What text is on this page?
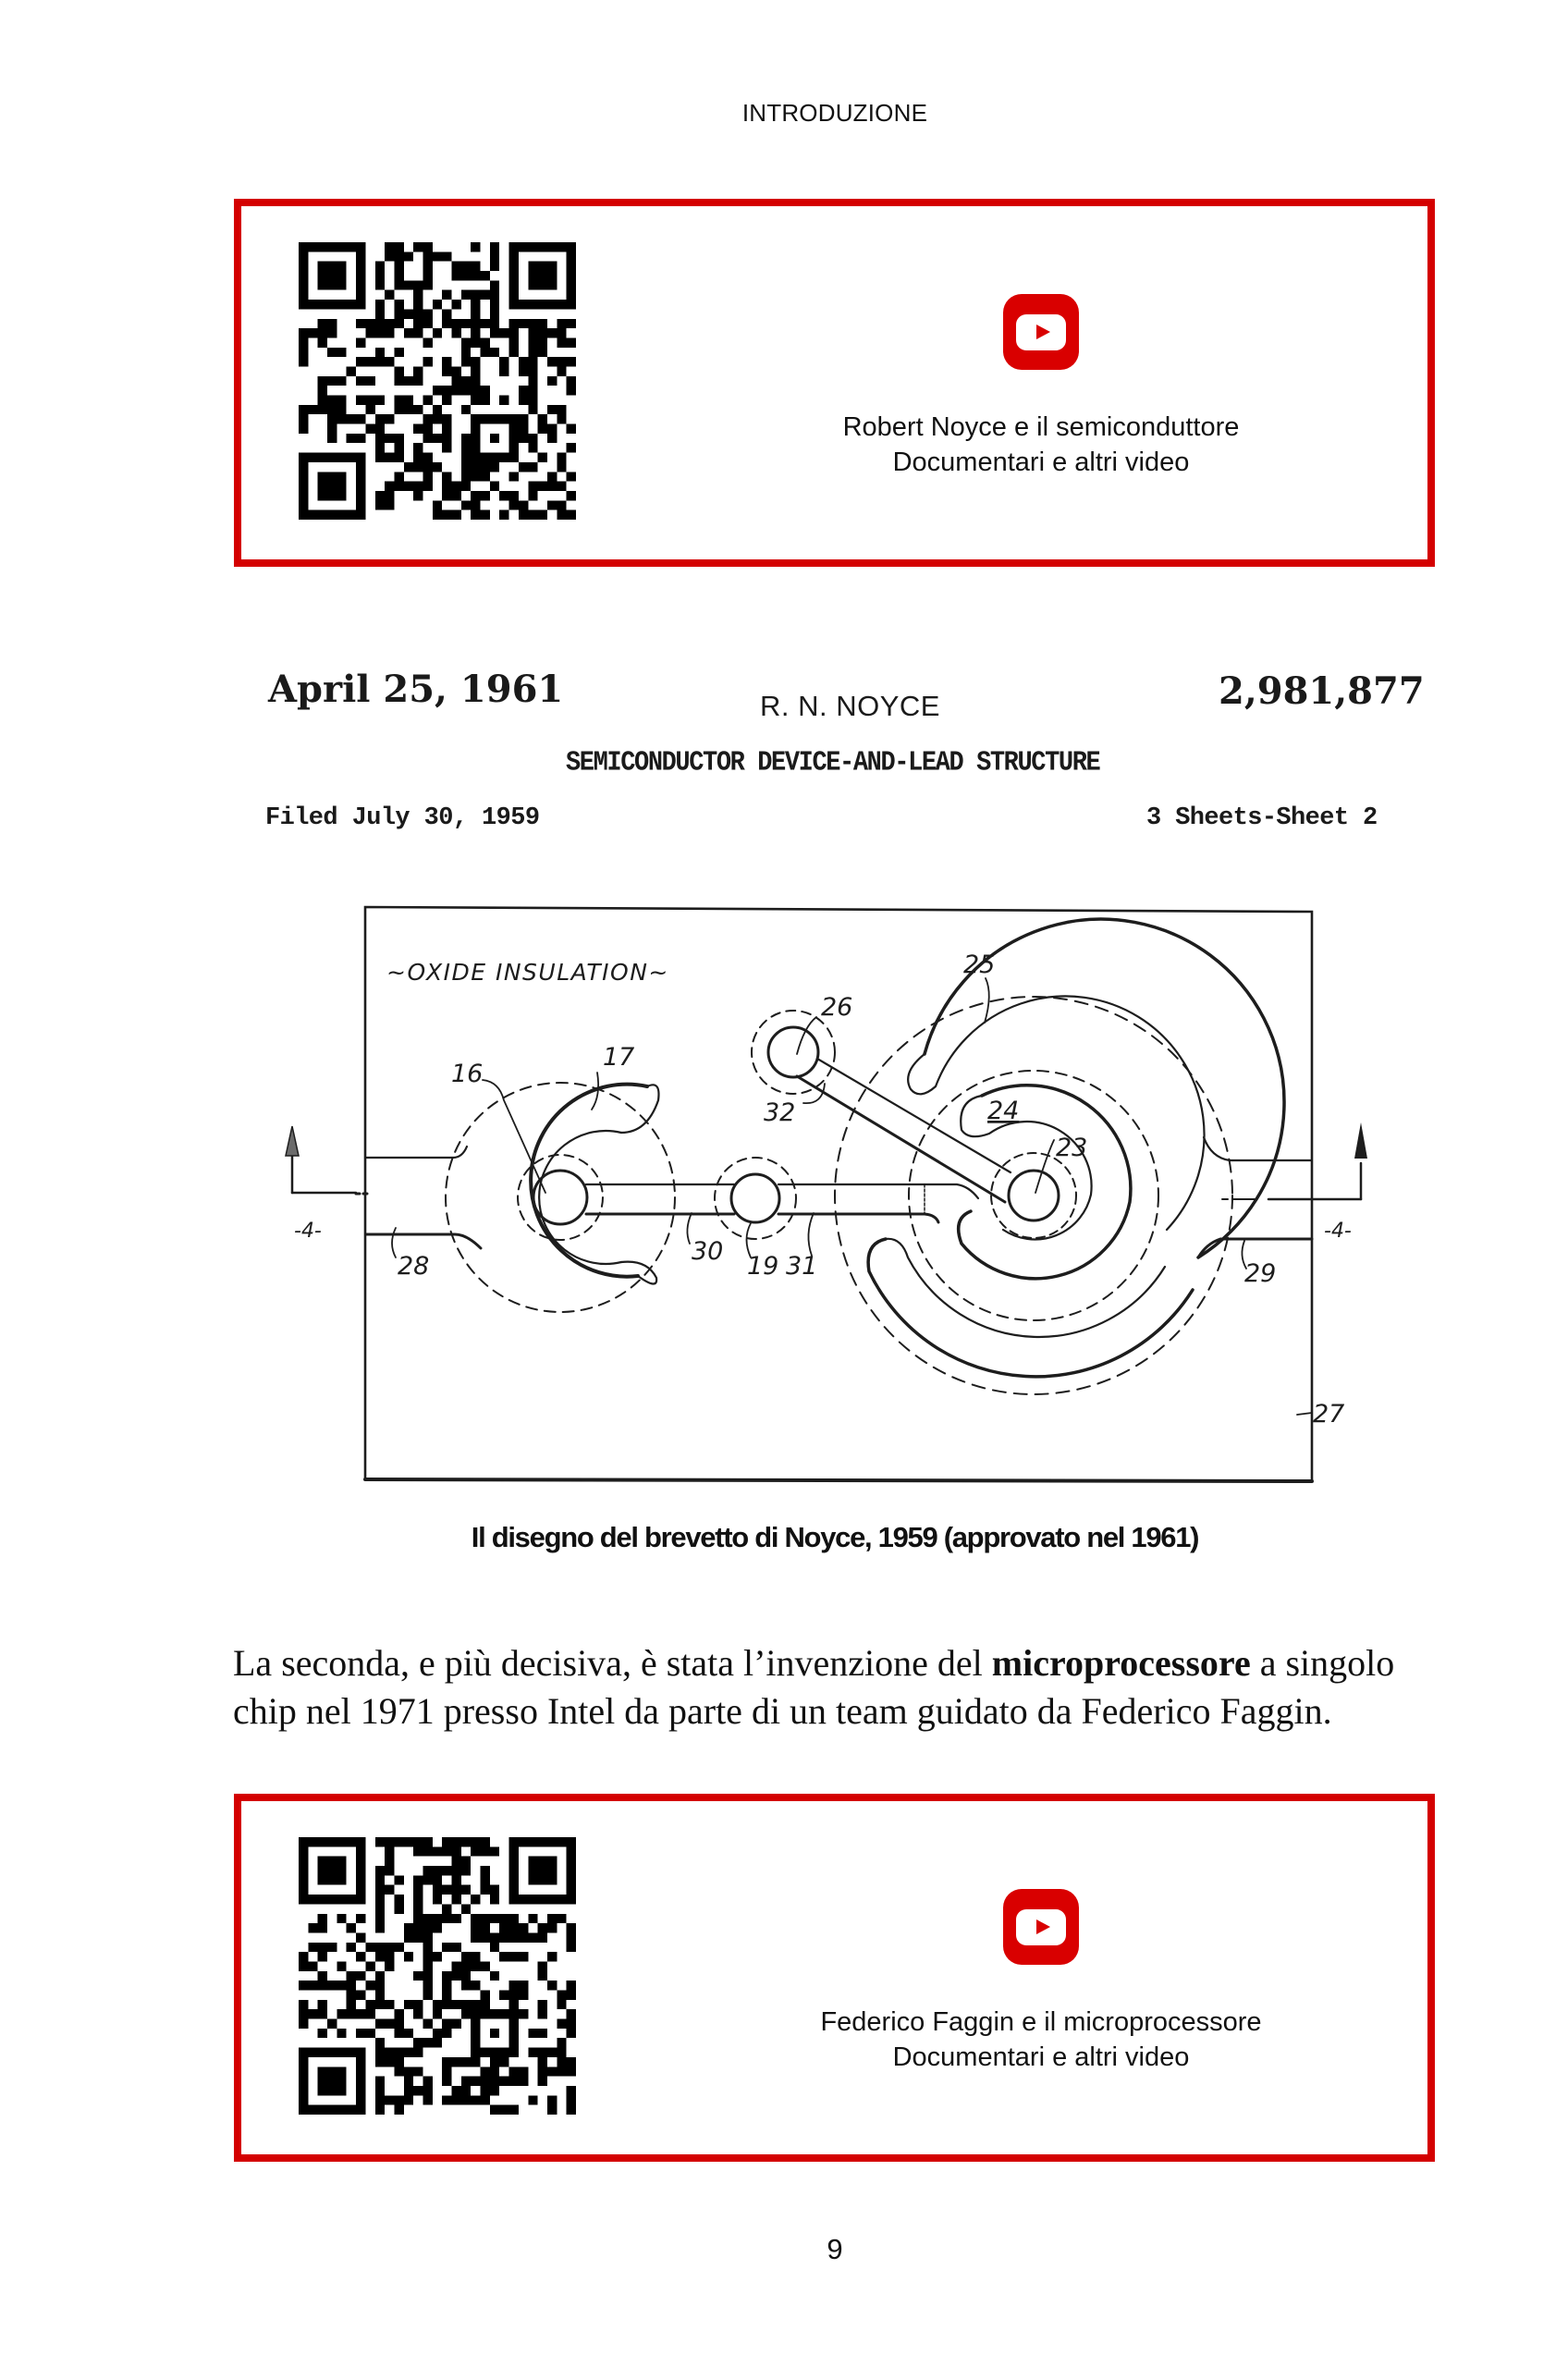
INTRODUZIONE
Robert Noyce e il semiconduttore
Documentari e altri video
April 25, 1961	R. N. NOYCE	2,981,877
SEMICONDUCTOR DEVICE-AND-LEAD STRUCTURE
Filed July 30, 1959	3 Sheets-Sheet 2
~OXIDE INSULATION~
-4-	-4-
16
17
26
25
32	24
23
28
30
19 31	29
27
Il disegno del brevetto di Noyce, 1959 (approvato nel 1961)
La seconda, e più decisiva, è stata l’invenzione del microprocessore a singolo
chip nel 1971 presso Intel da parte di un team guidato da Federico Faggin.
Federico Faggin e il microprocessore
Documentari e altri video
9
